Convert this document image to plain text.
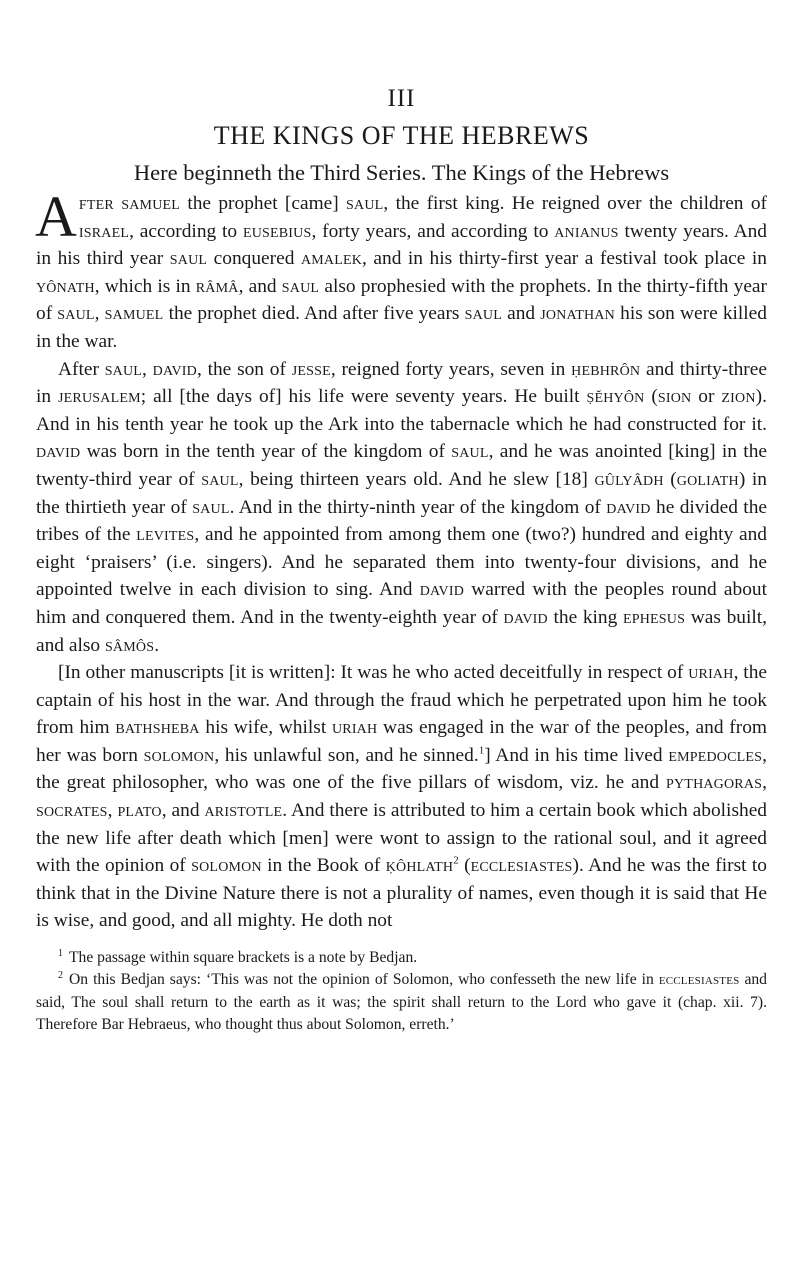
III
THE KINGS OF THE HEBREWS
Here beginneth the Third Series. The Kings of the Hebrews

After samuel the prophet [came] saul, the first king. He reigned over the children of israel, according to eusebius, forty years, and according to anianus twenty years. And in his third year saul conquered amalek, and in his thirty-first year a festival took place in yônath, which is in râmâ, and saul also prophesied with the prophets. In the thirty-fifth year of saul, samuel the prophet died. And after five years saul and jonathan his son were killed in the war.

After saul, david, the son of jesse, reigned forty years, seven in ḥebhrôn and thirty-three in jerusalem; all [the days of] his life were seventy years. He built ṣĕhyôn (sion or zion). And in his tenth year he took up the Ark into the tabernacle which he had constructed for it. david was born in the tenth year of the kingdom of saul, and he was anointed [king] in the twenty-third year of saul, being thirteen years old. And he slew [18] gûlyâdh (goliath) in the thirtieth year of saul. And in the thirty-ninth year of the kingdom of david he divided the tribes of the levites, and he appointed from among them one (two?) hundred and eighty and eight ‘praisers’ (i.e. singers). And he separated them into twenty-four divisions, and he appointed twelve in each division to sing. And david warred with the peoples round about him and conquered them. And in the twenty-eighth year of david the king ephesus was built, and also sâmôs.

[In other manuscripts [it is written]: It was he who acted deceitfully in respect of uriah, the captain of his host in the war. And through the fraud which he perpetrated upon him he took from him bathsheba his wife, whilst uriah was engaged in the war of the peoples, and from her was born solomon, his unlawful son, and he sinned.$^1$] And in his time lived empedocles, the great philosopher, who was one of the five pillars of wisdom, viz. he and pythagoras, socrates, plato, and aristotle. And there is attributed to him a certain book which abolished the new life after death which [men] were wont to assign to the rational soul, and it agreed with the opinion of solomon in the Book of ḳôhlath$^2$ (ecclesiastes). And he was the first to think that in the Divine Nature there is not a plurality of names, even though it is said that He is wise, and good, and all mighty. He doth not

$^1$ The passage within square brackets is a note by Bedjan.

$^2$ On this Bedjan says: ‘This was not the opinion of Solomon, who confesseth the new life in ecclesiastes and said, The soul shall return to the earth as it was; the spirit shall return to the Lord who gave it (chap. xii. 7). Therefore Bar Hebraeus, who thought thus about Solomon, erreth.’
